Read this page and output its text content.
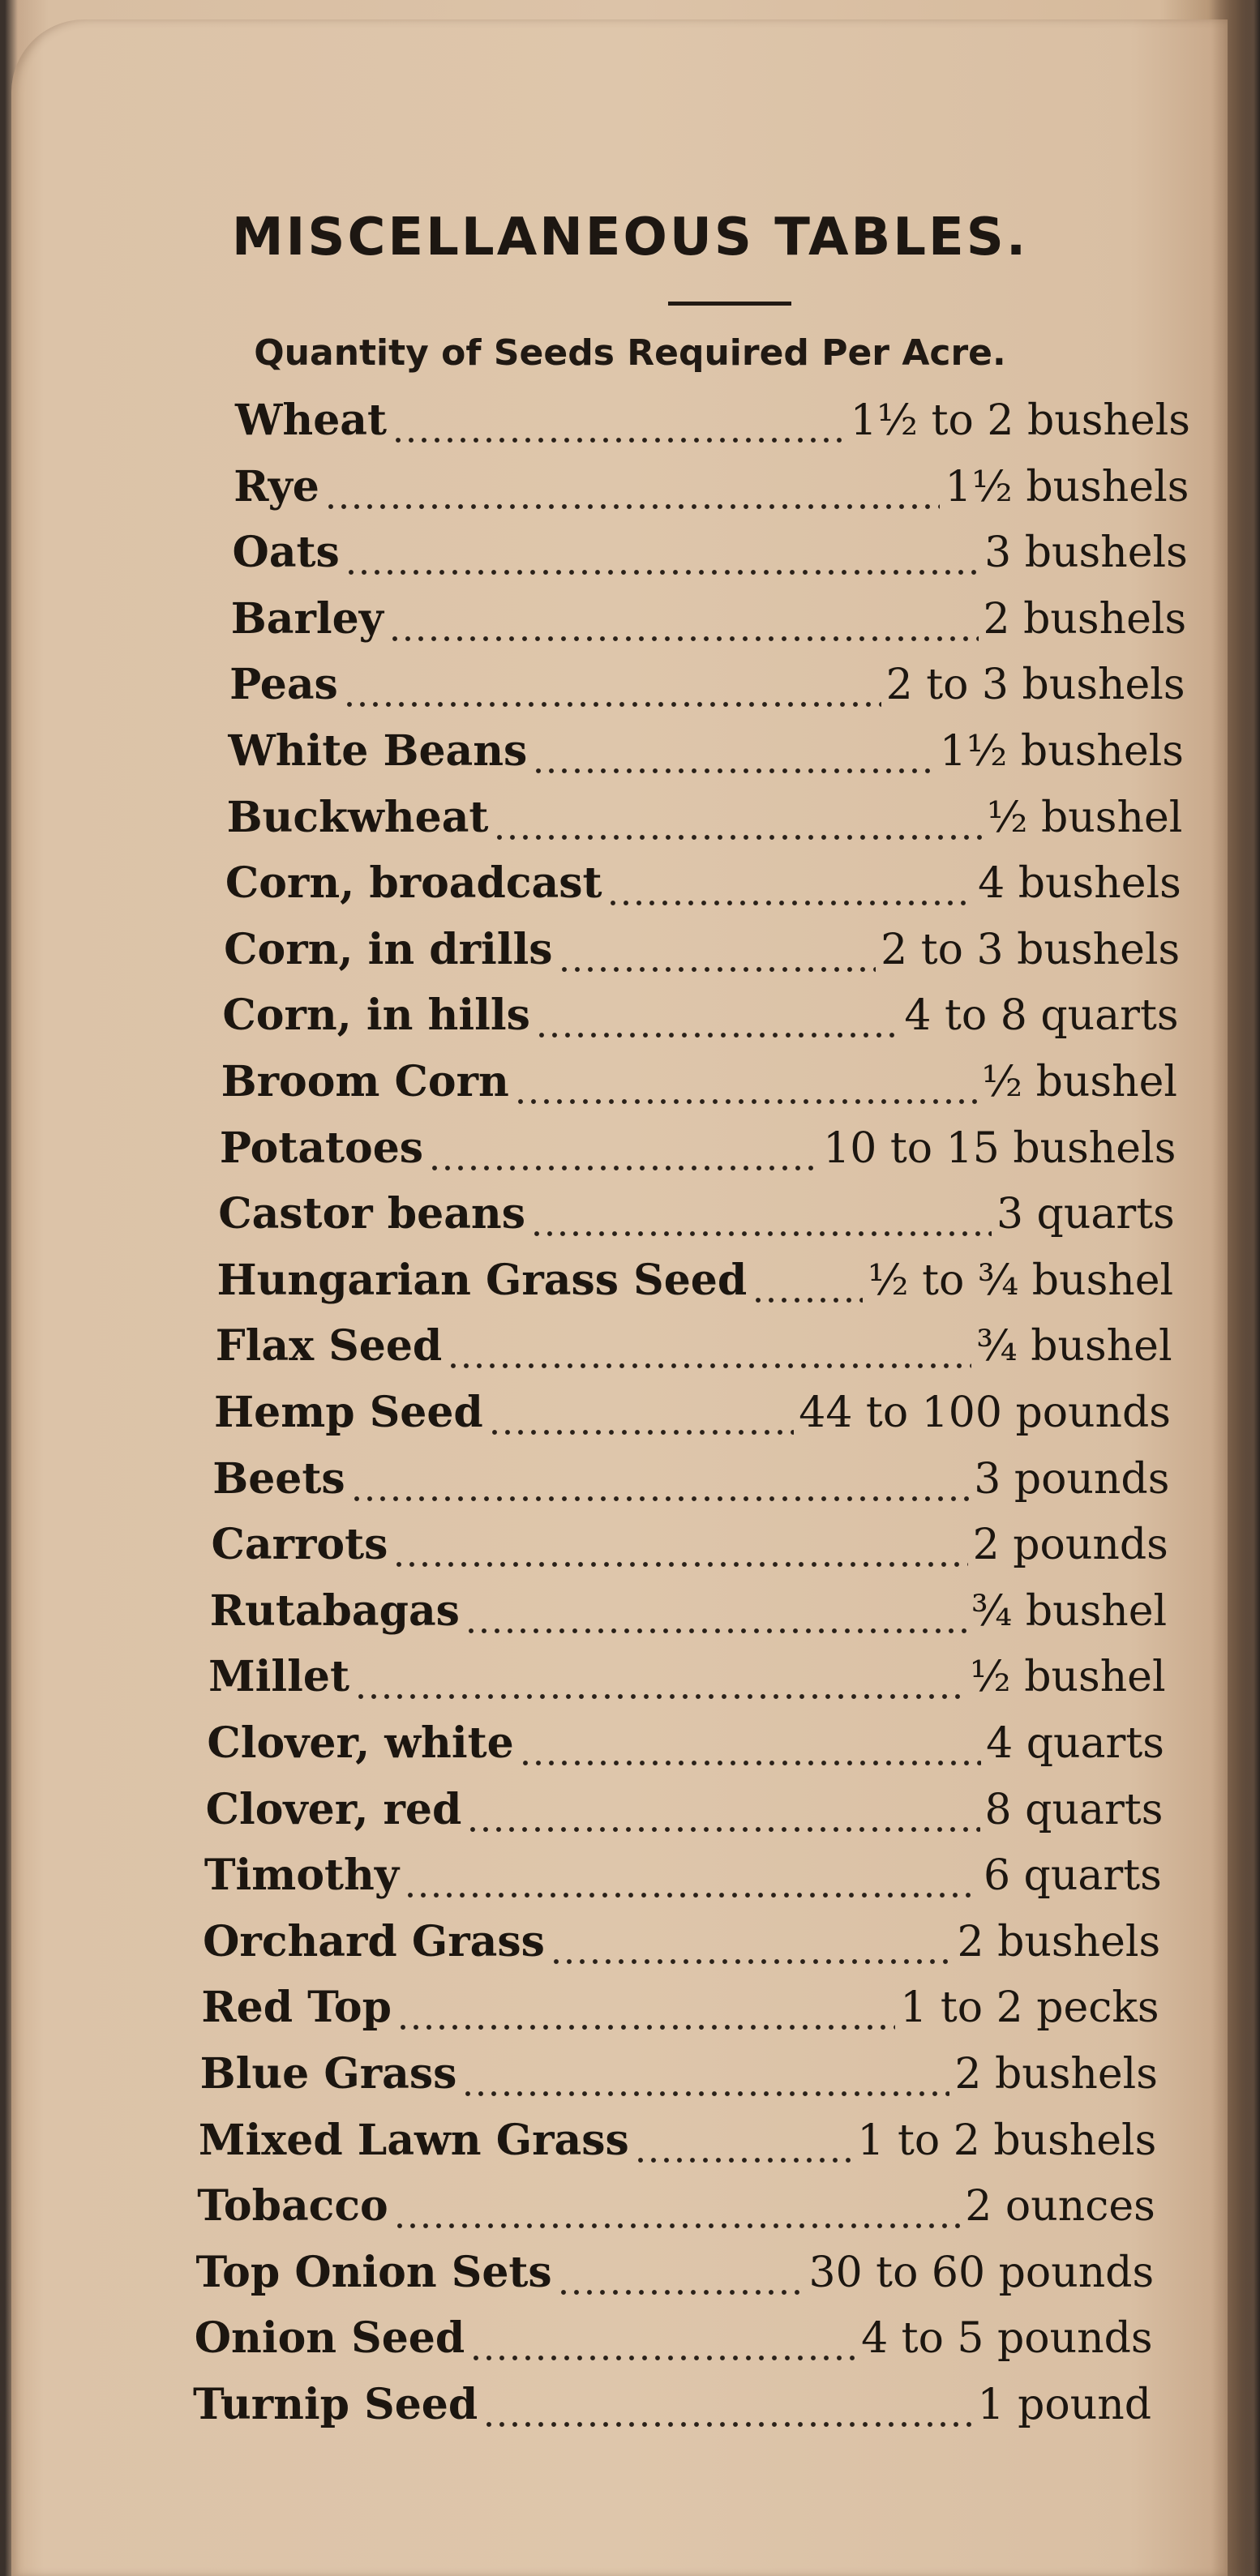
MISCELLANEOUS TABLES.
Quantity of Seeds Required Per Acre.
Wheat	1½ to 2 bushels
Rye	1½ bushels
Oats	3 bushels
Barley	2 bushels
Peas	2 to 3 bushels
White Beans	1½ bushels
Buckwheat	½ bushel
Corn, broadcast	4 bushels
Corn, in drills	2 to 3 bushels
Corn, in hills	4 to 8 quarts
Broom Corn	½ bushel
Potatoes	10 to 15 bushels
Castor beans	3 quarts
Hungarian Grass Seed	½ to ¾ bushel
Flax Seed	¾ bushel
Hemp Seed	44 to 100 pounds
Beets	3 pounds
Carrots	2 pounds
Rutabagas	¾ bushel
Millet	½ bushel
Clover, white	4 quarts
Clover, red	8 quarts
Timothy	6 quarts
Orchard Grass	2 bushels
Red Top	1 to 2 pecks
Blue Grass	2 bushels
Mixed Lawn Grass	1 to 2 bushels
Tobacco	2 ounces
Top Onion Sets	30 to 60 pounds
Onion Seed	4 to 5 pounds
Turnip Seed	1 pound
